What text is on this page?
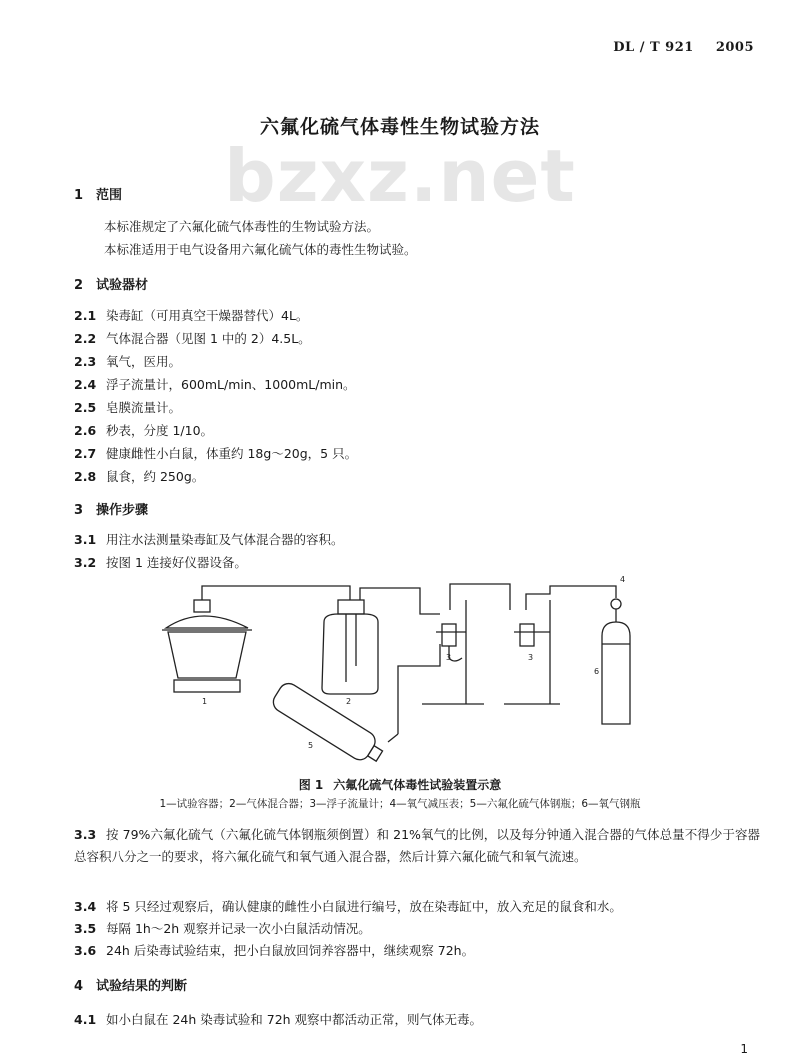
DL / T 921 2005
bzxz.net
六氟化硫气体毒性生物试验方法
1 范围
本标准规定了六氟化硫气体毒性的生物试验方法。
本标准适用于电气设备用六氟化硫气体的毒性生物试验。
2 试验器材
2.1 染毒缸（可用真空干燥器替代）4L。
2.2 气体混合器（见图 1 中的 2）4.5L。
2.3 氧气，医用。
2.4 浮子流量计，600mL/min、1000mL/min。
2.5 皂膜流量计。
2.6 秒表，分度 1/10。
2.7 健康雌性小白鼠，体重约 18g～20g，5 只。
2.8 鼠食，约 250g。
3 操作步骤
3.1 用注水法测量染毒缸及气体混合器的容积。
3.2 按图 1 连接好仪器设备。
1	2
3	3
4
5
6
图 1 六氟化硫气体毒性试验装置示意
1—试验容器；2—气体混合器；3—浮子流量计；4—氧气减压表；5—六氟化硫气体钢瓶；6—氧气钢瓶
3.3 按 79%六氟化硫气（六氟化硫气体钢瓶须倒置）和 21%氧气的比例，以及每分钟通入混合器的气体总量不得少于容器总容积八分之一的要求，将六氟化硫气和氧气通入混合器，然后计算六氟化硫气和氧气流速。
3.4 将 5 只经过观察后，确认健康的雌性小白鼠进行编号，放在染毒缸中，放入充足的鼠食和水。
3.5 每隔 1h～2h 观察并记录一次小白鼠活动情况。
3.6 24h 后染毒试验结束，把小白鼠放回饲养容器中，继续观察 72h。
4 试验结果的判断
4.1 如小白鼠在 24h 染毒试验和 72h 观察中都活动正常，则气体无毒。
1
